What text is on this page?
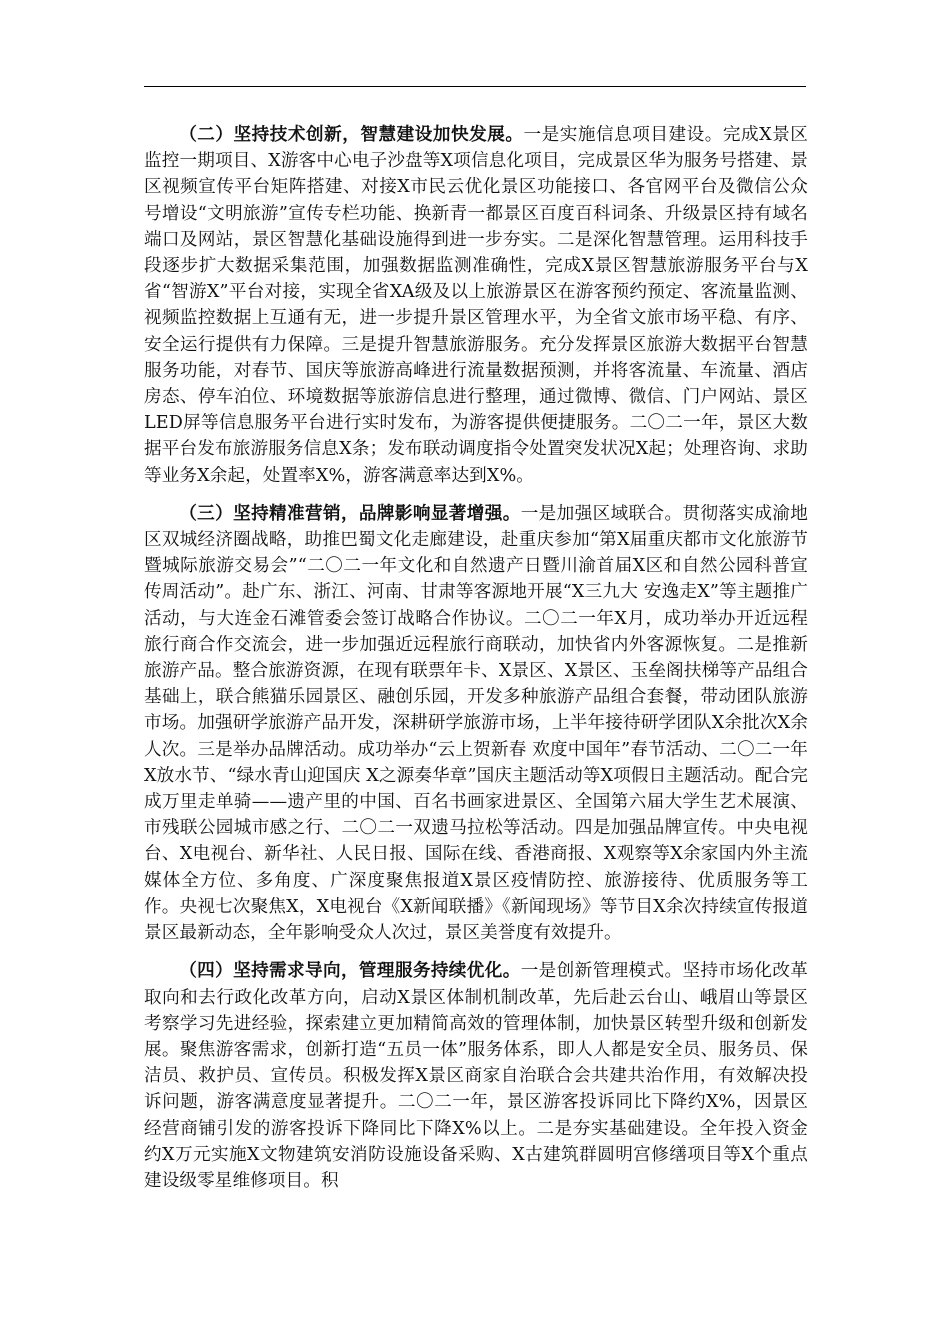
（二）坚持技术创新，智慧建设加快发展。一是实施信息项目建设。完成X景区监控一期项目、X游客中心电子沙盘等X项信息化项目，完成景区华为服务号搭建、景区视频宣传平台矩阵搭建、对接X市民云优化景区功能接口、各官网平台及微信公众号增设“文明旅游”宣传专栏功能、换新青一都景区百度百科词条、升级景区持有域名端口及网站，景区智慧化基础设施得到进一步夯实。二是深化智慧管理。运用科技手段逐步扩大数据采集范围，加强数据监测准确性，完成X景区智慧旅游服务平台与X省“智游X”平台对接，实现全省XA级及以上旅游景区在游客预约预定、客流量监测、视频监控数据上互通有无，进一步提升景区管理水平，为全省文旅市场平稳、有序、安全运行提供有力保障。三是提升智慧旅游服务。充分发挥景区旅游大数据平台智慧服务功能，对春节、国庆等旅游高峰进行流量数据预测，并将客流量、车流量、酒店房态、停车泊位、环境数据等旅游信息进行整理，通过微博、微信、门户网站、景区LED屏等信息服务平台进行实时发布，为游客提供便捷服务。二〇二一年，景区大数据平台发布旅游服务信息X条；发布联动调度指令处置突发状况X起；处理咨询、求助等业务X余起，处置率X%，游客满意率达到X%。

（三）坚持精准营销，品牌影响显著增强。一是加强区域联合。贯彻落实成渝地区双城经济圈战略，助推巴蜀文化走廊建设，赴重庆参加“第X届重庆都市文化旅游节暨城际旅游交易会”“二〇二一年文化和自然遗产日暨川渝首届X区和自然公园科普宣传周活动”。赴广东、浙江、河南、甘肃等客源地开展“X三九大 安逸走X”等主题推广活动，与大连金石滩管委会签订战略合作协议。二〇二一年X月，成功举办开近远程旅行商合作交流会，进一步加强近远程旅行商联动，加快省内外客源恢复。二是推新旅游产品。整合旅游资源，在现有联票年卡、X景区、X景区、玉垒阁扶梯等产品组合基础上，联合熊猫乐园景区、融创乐园，开发多种旅游产品组合套餐，带动团队旅游市场。加强研学旅游产品开发，深耕研学旅游市场，上半年接待研学团队X余批次X余人次。三是举办品牌活动。成功举办“云上贺新春 欢度中国年”春节活动、二〇二一年X放水节、“绿水青山迎国庆 X之源奏华章”国庆主题活动等X项假日主题活动。配合完成万里走单骑——遗产里的中国、百名书画家进景区、全国第六届大学生艺术展演、市残联公园城市感之行、二〇二一双遗马拉松等活动。四是加强品牌宣传。中央电视台、X电视台、新华社、人民日报、国际在线、香港商报、X观察等X余家国内外主流媒体全方位、多角度、广深度聚焦报道X景区疫情防控、旅游接待、优质服务等工作。央视七次聚焦X，X电视台《X新闻联播》《新闻现场》等节目X余次持续宣传报道景区最新动态，全年影响受众人次过，景区美誉度有效提升。

（四）坚持需求导向，管理服务持续优化。一是创新管理模式。坚持市场化改革取向和去行政化改革方向，启动X景区体制机制改革，先后赴云台山、峨眉山等景区考察学习先进经验，探索建立更加精简高效的管理体制，加快景区转型升级和创新发展。聚焦游客需求，创新打造“五员一体”服务体系，即人人都是安全员、服务员、保洁员、救护员、宣传员。积极发挥X景区商家自治联合会共建共治作用，有效解决投诉问题，游客满意度显著提升。二〇二一年，景区游客投诉同比下降约X%，因景区经营商铺引发的游客投诉下降同比下降X%以上。二是夯实基础建设。全年投入资金约X万元实施X文物建筑安消防设施设备采购、X古建筑群圆明宫修缮项目等X个重点建设级零星维修项目。积
